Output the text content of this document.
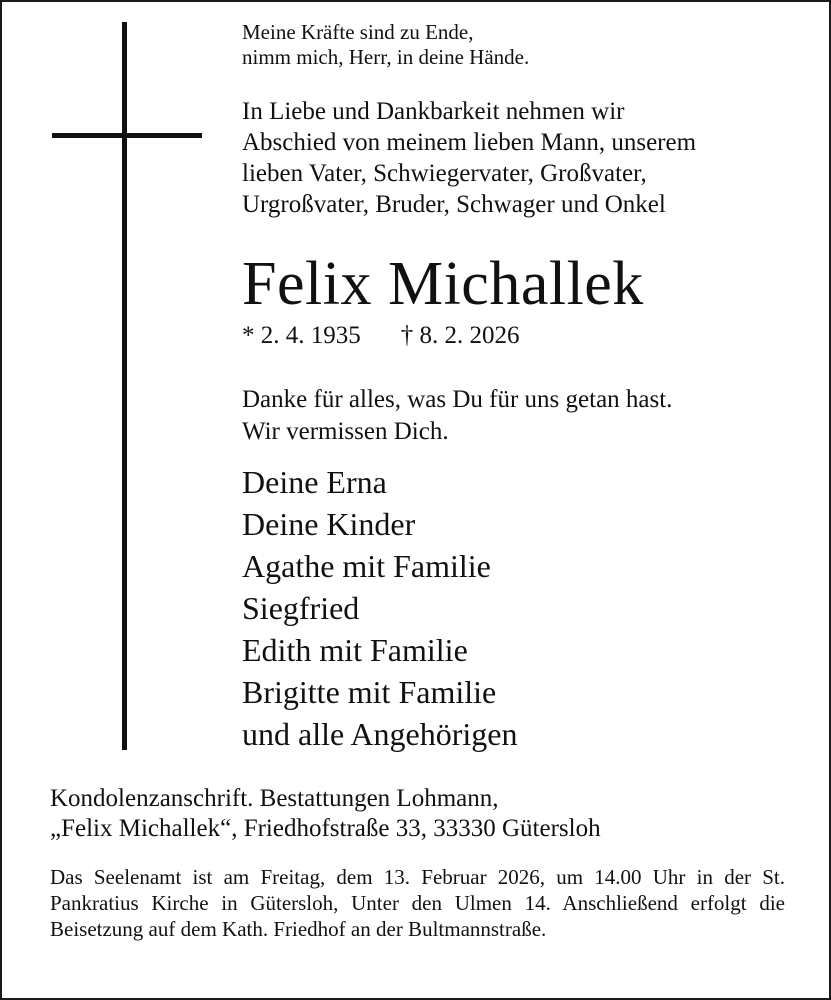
Meine Kräfte sind zu Ende,
nimm mich, Herr, in deine Hände.
In Liebe und Dankbarkeit nehmen wir
Abschied von meinem lieben Mann, unserem
lieben Vater, Schwiegervater, Großvater,
Urgroßvater, Bruder, Schwager und Onkel
Felix Michallek
* 2. 4. 1935 † 8. 2. 2026
Danke für alles, was Du für uns getan hast.
Wir vermissen Dich.
Deine Erna
Deine Kinder
Agathe mit Familie
Siegfried
Edith mit Familie
Brigitte mit Familie
und alle Angehörigen
Kondolenzanschrift. Bestattungen Lohmann,
„Felix Michallek“, Friedhofstraße 33, 33330 Gütersloh
Das Seelenamt ist am Freitag, dem 13. Februar 2026, um 14.00 Uhr in der St. Pankratius Kirche in Gütersloh, Unter den Ulmen 14. Anschließend erfolgt die Beisetzung auf dem Kath. Friedhof an der Bultmannstraße.
